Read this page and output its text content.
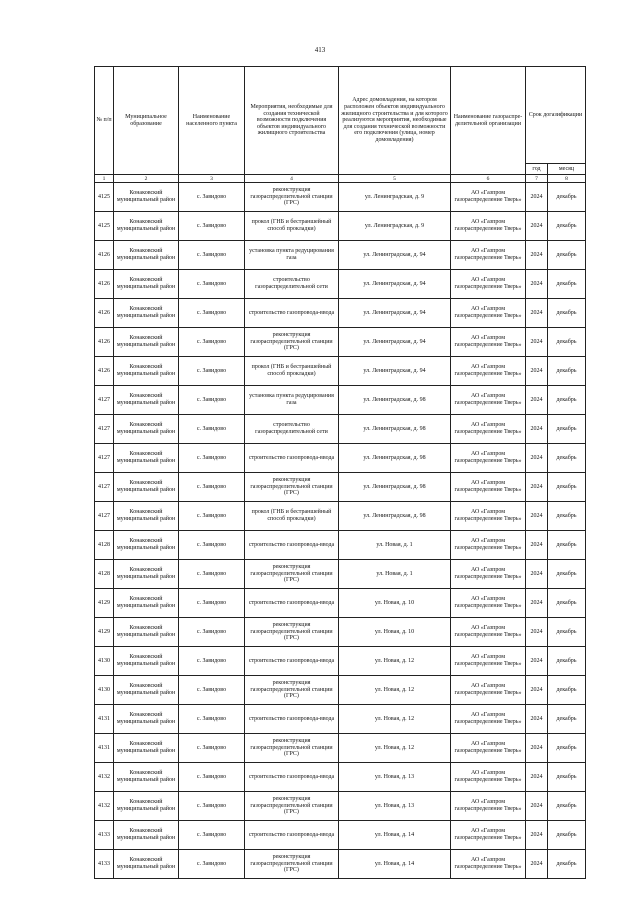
413
№ п/п	Муниципальное образование	Наименование населенного пункта	Мероприятия, необходимые для создания технической возможности подключения объектов индивидуального жилищного строительства	Адрес домовладения, на котором расположен объектов индивидуального жилищного строительства и для которого реализуются мероприятия, необходимые для создания технической возможности его подключения (улица, номер домовладения)	Наименование газораспре-делительной организации	Срок догазификации	
						год	месяц
1	2	3	4	5	6	7	8
4125	Конаковский муниципальный район	с. Завидово	реконструкция газораспределительной станции (ГРС)	ул. Ленинградская, д. 9	АО «Газпром газораспределение Тверь»	2024	декабрь
4125	Конаковский муниципальный район	с. Завидово	прокол (ГНБ и бестраншейный способ прокладки)	ул. Ленинградская, д. 9	АО «Газпром газораспределение Тверь»	2024	декабрь
4126	Конаковский муниципальный район	с. Завидово	установка пункта редуцирования газа	ул. Ленинградская, д. 94	АО «Газпром газораспределение Тверь»	2024	декабрь
4126	Конаковский муниципальный район	с. Завидово	строительство газораспределительной сети	ул. Ленинградская, д. 94	АО «Газпром газораспределение Тверь»	2024	декабрь
4126	Конаковский муниципальный район	с. Завидово	строительство газопровода-ввода	ул. Ленинградская, д. 94	АО «Газпром газораспределение Тверь»	2024	декабрь
4126	Конаковский муниципальный район	с. Завидово	реконструкция газораспределительной станции (ГРС)	ул. Ленинградская, д. 94	АО «Газпром газораспределение Тверь»	2024	декабрь
4126	Конаковский муниципальный район	с. Завидово	прокол (ГНБ и бестраншейный способ прокладки)	ул. Ленинградская, д. 94	АО «Газпром газораспределение Тверь»	2024	декабрь
4127	Конаковский муниципальный район	с. Завидово	установка пункта редуцирования газа	ул. Ленинградская, д. 98	АО «Газпром газораспределение Тверь»	2024	декабрь
4127	Конаковский муниципальный район	с. Завидово	строительство газораспределительной сети	ул. Ленинградская, д. 98	АО «Газпром газораспределение Тверь»	2024	декабрь
4127	Конаковский муниципальный район	с. Завидово	строительство газопровода-ввода	ул. Ленинградская, д. 98	АО «Газпром газораспределение Тверь»	2024	декабрь
4127	Конаковский муниципальный район	с. Завидово	реконструкция газораспределительной станции (ГРС)	ул. Ленинградская, д. 98	АО «Газпром газораспределение Тверь»	2024	декабрь
4127	Конаковский муниципальный район	с. Завидово	прокол (ГНБ и бестраншейный способ прокладки)	ул. Ленинградская, д. 98	АО «Газпром газораспределение Тверь»	2024	декабрь
4128	Конаковский муниципальный район	с. Завидово	строительство газопровода-ввода	ул. Новая, д. 1	АО «Газпром газораспределение Тверь»	2024	декабрь
4128	Конаковский муниципальный район	с. Завидово	реконструкция газораспределительной станции (ГРС)	ул. Новая, д. 1	АО «Газпром газораспределение Тверь»	2024	декабрь
4129	Конаковский муниципальный район	с. Завидово	строительство газопровода-ввода	ул. Новая, д. 10	АО «Газпром газораспределение Тверь»	2024	декабрь
4129	Конаковский муниципальный район	с. Завидово	реконструкция газораспределительной станции (ГРС)	ул. Новая, д. 10	АО «Газпром газораспределение Тверь»	2024	декабрь
4130	Конаковский муниципальный район	с. Завидово	строительство газопровода-ввода	ул. Новая, д. 12	АО «Газпром газораспределение Тверь»	2024	декабрь
4130	Конаковский муниципальный район	с. Завидово	реконструкция газораспределительной станции (ГРС)	ул. Новая, д. 12	АО «Газпром газораспределение Тверь»	2024	декабрь
4131	Конаковский муниципальный район	с. Завидово	строительство газопровода-ввода	ул. Новая, д. 12	АО «Газпром газораспределение Тверь»	2024	декабрь
4131	Конаковский муниципальный район	с. Завидово	реконструкция газораспределительной станции (ГРС)	ул. Новая, д. 12	АО «Газпром газораспределение Тверь»	2024	декабрь
4132	Конаковский муниципальный район	с. Завидово	строительство газопровода-ввода	ул. Новая, д. 13	АО «Газпром газораспределение Тверь»	2024	декабрь
4132	Конаковский муниципальный район	с. Завидово	реконструкция газораспределительной станции (ГРС)	ул. Новая, д. 13	АО «Газпром газораспределение Тверь»	2024	декабрь
4133	Конаковский муниципальный район	с. Завидово	строительство газопровода-ввода	ул. Новая, д. 14	АО «Газпром газораспределение Тверь»	2024	декабрь
4133	Конаковский муниципальный район	с. Завидово	реконструкция газораспределительной станции (ГРС)	ул. Новая, д. 14	АО «Газпром газораспределение Тверь»	2024	декабрь
